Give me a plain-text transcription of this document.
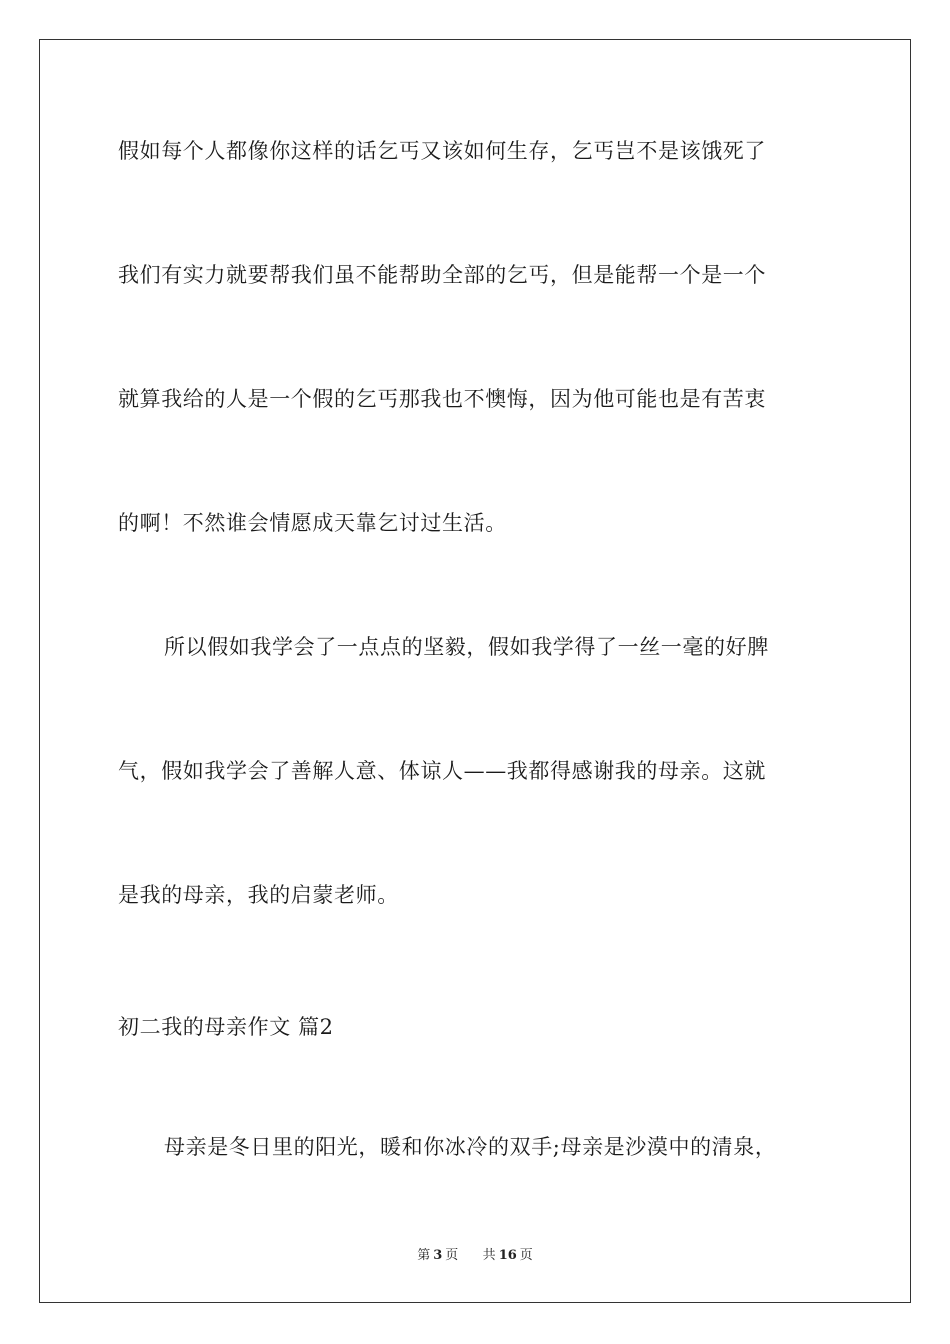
假如每个人都像你这样的话乞丐又该如何生存，乞丐岂不是该饿死了
我们有实力就要帮我们虽不能帮助全部的乞丐，但是能帮一个是一个
就算我给的人是一个假的乞丐那我也不懊悔，因为他可能也是有苦衷
的啊！不然谁会情愿成天靠乞讨过生活。
所以假如我学会了一点点的坚毅，假如我学得了一丝一毫的好脾
气，假如我学会了善解人意、体谅人——我都得感谢我的母亲。这就
是我的母亲，我的启蒙老师。
初二我的母亲作文 篇2
母亲是冬日里的阳光，暖和你冰冷的双手;母亲是沙漠中的清泉，
第 3 页 共 16 页
